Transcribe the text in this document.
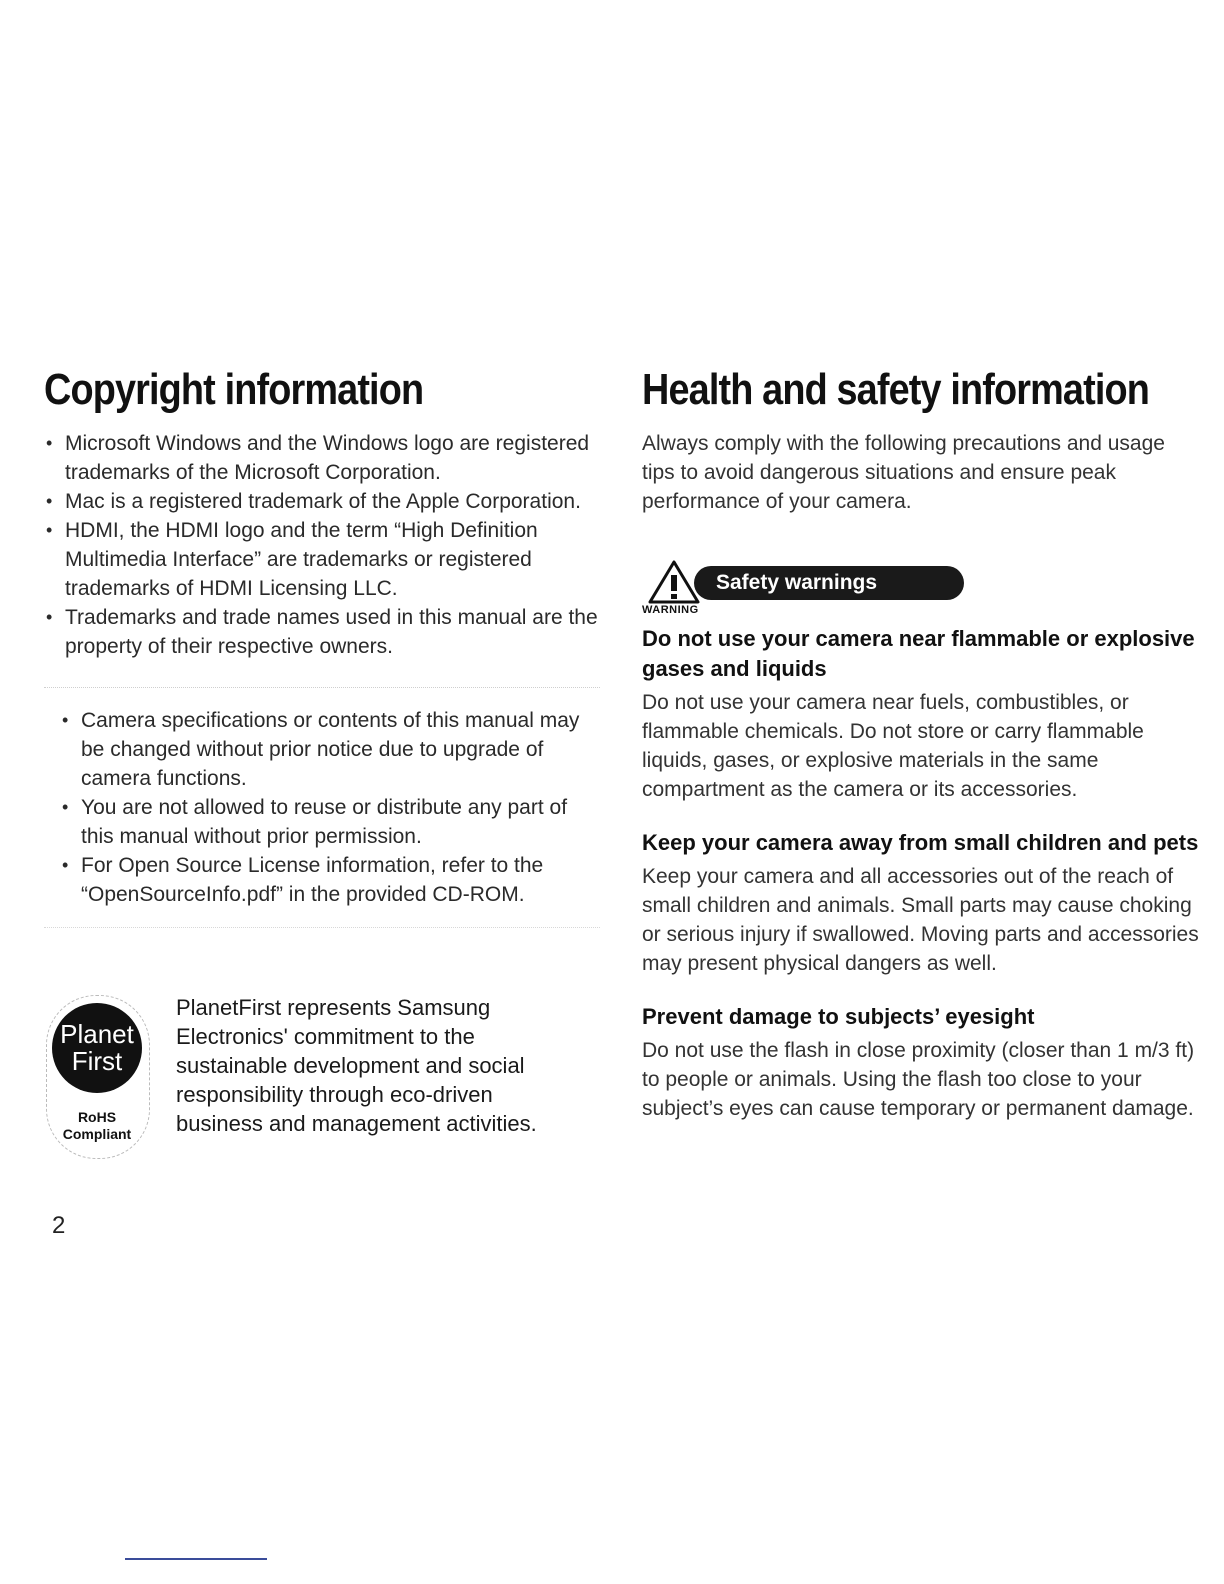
Copyright information
• Microsoft Windows and the Windows logo are registered trademarks of the Microsoft Corporation.
• Mac is a registered trademark of the Apple Corporation.
• HDMI, the HDMI logo and the term “High Definition Multimedia Interface” are trademarks or registered trademarks of HDMI Licensing LLC.
• Trademarks and trade names used in this manual are the property of their respective owners.
• Camera specifications or contents of this manual may be changed without prior notice due to upgrade of camera functions.
• You are not allowed to reuse or distribute any part of this manual without prior permission.
• For Open Source License information, refer to the “OpenSourceInfo.pdf” in the provided CD-ROM.
Planet
First
RoHS
Compliant
PlanetFirst represents Samsung Electronics' commitment to the sustainable development and social responsibility through eco-driven business and management activities.
2
Health and safety information

Always comply with the following precautions and usage tips to avoid dangerous situations and ensure peak performance of your camera.

Safety warnings
WARNING
Do not use your camera near flammable or explosive gases and liquids

Do not use your camera near fuels, combustibles, or flammable chemicals. Do not store or carry flammable liquids, gases, or explosive materials in the same compartment as the camera or its accessories.

Keep your camera away from small children and pets

Keep your camera and all accessories out of the reach of small children and animals. Small parts may cause choking or serious injury if swallowed. Moving parts and accessories may present physical dangers as well.

Prevent damage to subjects’ eyesight

Do not use the flash in close proximity (closer than 1 m/3 ft) to people or animals. Using the flash too close to your subject’s eyes can cause temporary or permanent damage.
